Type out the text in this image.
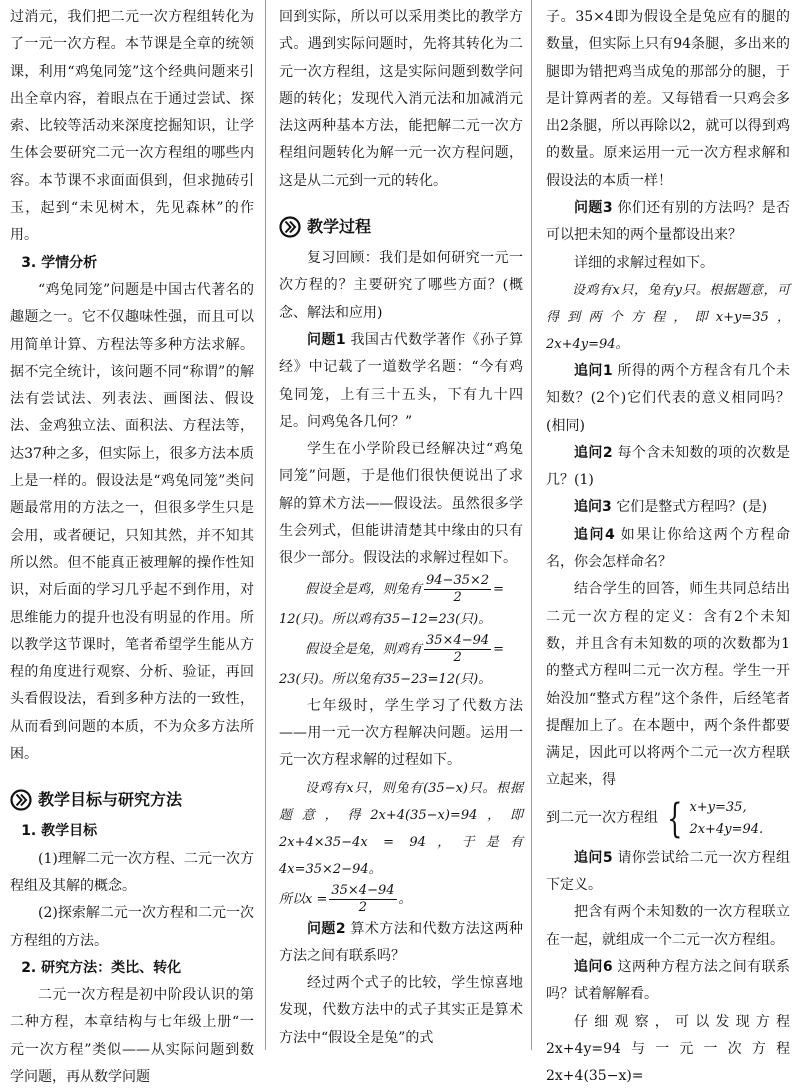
过消元，我们把二元一次方程组转化为了一元一次方程。本节课是全章的统领课，利用“鸡兔同笼”这个经典问题来引出全章内容，着眼点在于通过尝试、探索、比较等活动来深度挖掘知识，让学生体会要研究二元一次方程组的哪些内容。本节课不求面面俱到，但求抛砖引玉，起到“未见树木，先见森林”的作用。

3. 学情分析

“鸡兔同笼”问题是中国古代著名的趣题之一。它不仅趣味性强，而且可以用简单计算、方程法等多种方法求解。据不完全统计，该问题不同“称谓”的解法有尝试法、列表法、画图法、假设法、金鸡独立法、面积法、方程法等，达37种之多，但实际上，很多方法本质上是一样的。假设法是“鸡兔同笼”类问题最常用的方法之一，但很多学生只是会用，或者硬记，只知其然，并不知其所以然。但不能真正被理解的操作性知识，对后面的学习几乎起不到作用，对思维能力的提升也没有明显的作用。所以教学这节课时，笔者希望学生能从方程的角度进行观察、分析、验证，再回头看假设法，看到多种方法的一致性，从而看到问题的本质，不为众多方法所困。

教学目标与研究方法

1. 教学目标

(1)理解二元一次方程、二元一次方程组及其解的概念。

(2)探索解二元一次方程和二元一次方程组的方法。

2. 研究方法：类比、转化

二元一次方程是初中阶段认识的第二种方程，本章结构与七年级上册“一元一次方程”类似——从实际问题到数学问题，再从数学问题

回到实际，所以可以采用类比的教学方式。遇到实际问题时，先将其转化为二元一次方程组，这是实际问题到数学问题的转化；发现代入消元法和加减消元法这两种基本方法，能把解二元一次方程组问题转化为解一元一次方程问题，这是从二元到一元的转化。

教学过程

复习回顾：我们是如何研究一元一次方程的？主要研究了哪些方面？(概念、解法和应用)

问题1 我国古代数学著作《孙子算经》中记载了一道数学名题：“今有鸡兔同笼，上有三十五头，下有九十四足。问鸡兔各几何？”

学生在小学阶段已经解决过“鸡兔同笼”问题，于是他们很快便说出了求解的算术方法——假设法。虽然很多学生会列式，但能讲清楚其中缘由的只有很少一部分。假设法的求解过程如下。

假设全是鸡，则兔有 $\frac{94-35\times 2}{2}$ =

12(只)。所以鸡有35−12=23(只)。

假设全是兔，则鸡有 $\frac{35\times 4-94}{2}$ =

23(只)。所以兔有35−23=12(只)。

七年级时，学生学习了代数方法——用一元一次方程解决问题。运用一元一次方程求解的过程如下。

设鸡有x只，则兔有(35−x)只。根据题意，得2x+4(35−x)=94，即2x+4×35−4x = 94，于是有4x=35×2−94。

所以$x = \frac{35\times 4-94}{2}$ 。

问题2 算术方法和代数方法这两种方法之间有联系吗？

经过两个式子的比较，学生惊喜地发现，代数方法中的式子其实正是算术方法中“假设全是兔”的式

子。35×4即为假设全是兔应有的腿的数量，但实际上只有94条腿，多出来的腿即为错把鸡当成兔的那部分的腿，于是计算两者的差。又每错看一只鸡会多出2条腿，所以再除以2，就可以得到鸡的数量。原来运用一元一次方程求解和假设法的本质一样！

问题3 你们还有别的方法吗？是否可以把未知的两个量都设出来？

详细的求解过程如下。

设鸡有x只，兔有y只。根据题意，可得到两个方程，即x+y=35，2x+4y=94。

追问1 所得的两个方程含有几个未知数？(2个)它们代表的意义相同吗？(相同)

追问2 每个含未知数的项的次数是几？(1)

追问3 它们是整式方程吗？(是)

追问4 如果让你给这两个方程命名，你会怎样命名？

结合学生的回答，师生共同总结出二元一次方程的定义：含有2个未知数，并且含有未知数的项的次数都为1的整式方程叫二元一次方程。学生一开始没加“整式方程”这个条件，后经笔者提醒加上了。在本题中，两个条件都要满足，因此可以将两个二元一次方程联立起来，得

到二元一次方程组 { x+y=35,
2x+4y=94.

追问5 请你尝试给二元一次方程组下定义。

把含有两个未知数的一次方程联立在一起，就组成一个二元一次方程组。

追问6 这两种方程方法之间有联系吗？试着解解看。

仔细观察，可以发现方程2x+4y=94与一元一次方程2x+4(35−x)=
